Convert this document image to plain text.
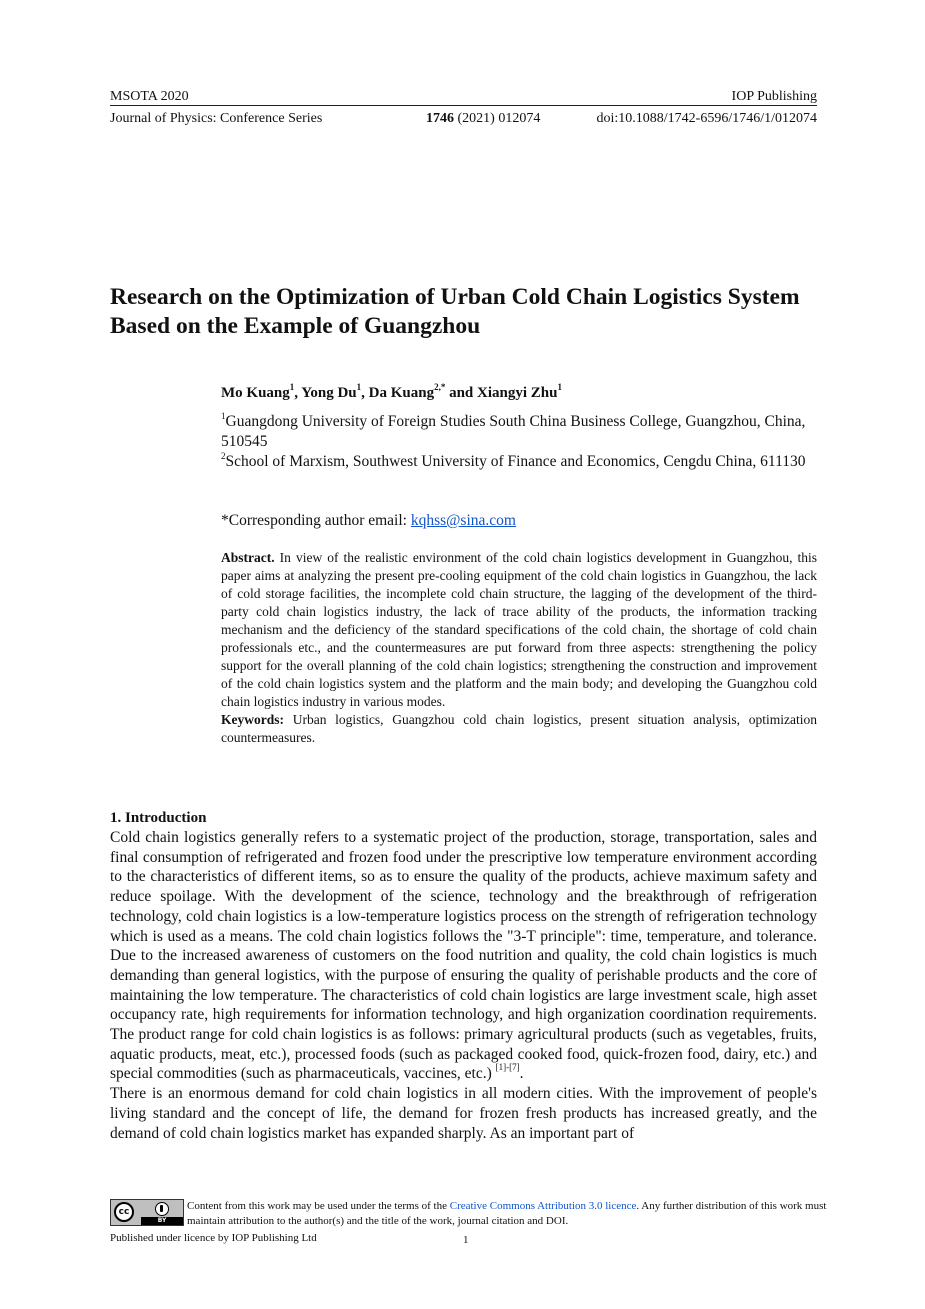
MSOTA 2020	IOP Publishing
Journal of Physics: Conference Series	1746 (2021) 012074	doi:10.1088/1742-6596/1746/1/012074
Research on the Optimization of Urban Cold Chain Logistics System Based on the Example of Guangzhou
Mo Kuang$^1$, Yong Du$^1$, Da Kuang$^{2,*}$ and Xiangyi Zhu$^1$
$^1$Guangdong University of Foreign Studies South China Business College, Guangzhou, China, 510545
$^2$School of Marxism, Southwest University of Finance and Economics, Cengdu China, 611130
*Corresponding author email: kqhss@sina.com
Abstract. In view of the realistic environment of the cold chain logistics development in Guangzhou, this paper aims at analyzing the present pre-cooling equipment of the cold chain logistics in Guangzhou, the lack of cold storage facilities, the incomplete cold chain structure, the lagging of the development of the third-party cold chain logistics industry, the lack of trace ability of the products, the information tracking mechanism and the deficiency of the standard specifications of the cold chain, the shortage of cold chain professionals etc., and the countermeasures are put forward from three aspects: strengthening the policy support for the overall planning of the cold chain logistics; strengthening the construction and improvement of the cold chain logistics system and the platform and the main body; and developing the Guangzhou cold chain logistics industry in various modes.
Keywords: Urban logistics, Guangzhou cold chain logistics, present situation analysis, optimization countermeasures.
1. Introduction

Cold chain logistics generally refers to a systematic project of the production, storage, transportation, sales and final consumption of refrigerated and frozen food under the prescriptive low temperature environment according to the characteristics of different items, so as to ensure the quality of the products, achieve maximum safety and reduce spoilage. With the development of the science, technology and the breakthrough of refrigeration technology, cold chain logistics is a low-temperature logistics process on the strength of refrigeration technology which is used as a means. The cold chain logistics follows the "3-T principle": time, temperature, and tolerance. Due to the increased awareness of customers on the food nutrition and quality, the cold chain logistics is much demanding than general logistics, with the purpose of ensuring the quality of perishable products and the core of maintaining the low temperature. The characteristics of cold chain logistics are large investment scale, high asset occupancy rate, high requirements for information technology, and high organization coordination requirements. The product range for cold chain logistics is as follows: primary agricultural products (such as vegetables, fruits, aquatic products, meat, etc.), processed foods (such as packaged cooked food, quick-frozen food, dairy, etc.) and special commodities (such as pharmaceuticals, vaccines, etc.) [1]-[7].

There is an enormous demand for cold chain logistics in all modern cities. With the improvement of people's living standard and the concept of life, the demand for frozen fresh products has increased greatly, and the demand of cold chain logistics market has expanded sharply. As an important part of

cc
BY
Content from this work may be used under the terms of the Creative Commons Attribution 3.0 licence. Any further distribution of this work must maintain attribution to the author(s) and the title of the work, journal citation and DOI.
Published under licence by IOP Publishing Ltd	1
